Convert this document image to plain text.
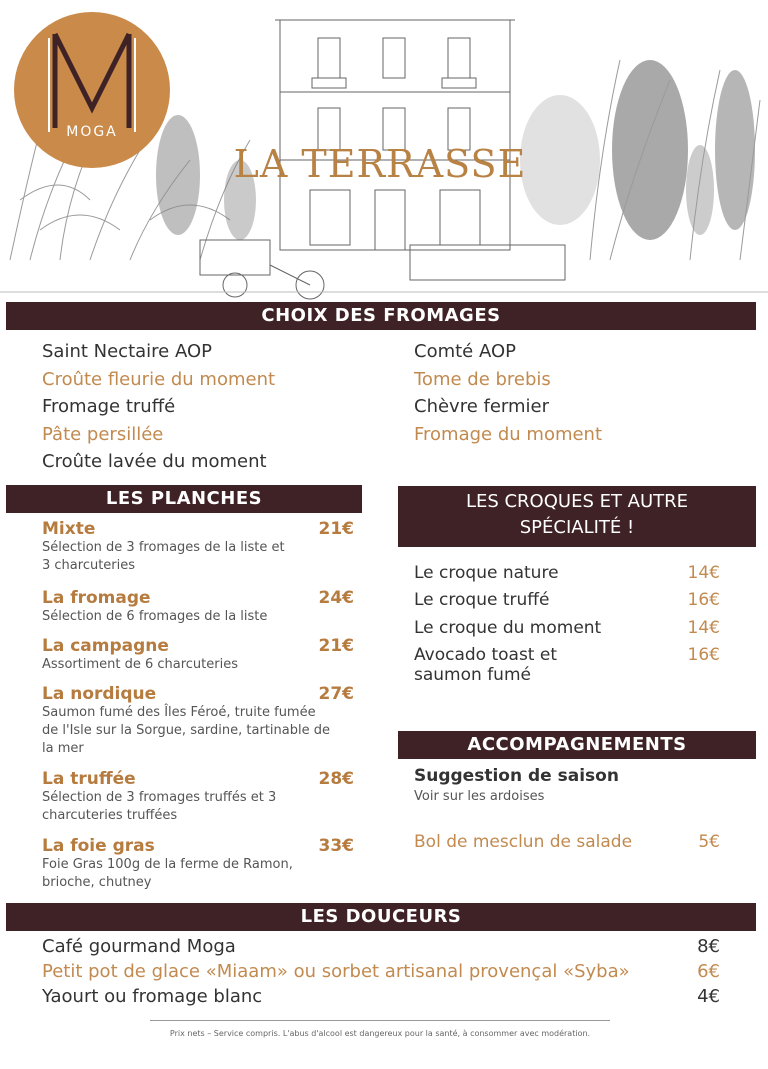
MOGA
LA TERRASSE
CHOIX DES FROMAGES
Saint Nectaire AOP
Croûte fleurie du moment
Fromage truffé
Pâte persillée
Croûte lavée du moment
Comté AOP
Tome de brebis
Chèvre fermier
Fromage du moment
LES PLANCHES
Mixte	21€
Sélection de 3 fromages de la liste et
3 charcuteries
La fromage	24€
Sélection de 6 fromages de la liste
La campagne	21€
Assortiment de 6 charcuteries
La nordique	27€
Saumon fumé des Îles Féroé, truite fumée
de l'Isle sur la Sorgue, sardine, tartinable de
la mer
La truffée	28€
Sélection de 3 fromages truffés et 3
charcuteries truffées
La foie gras	33€
Foie Gras 100g de la ferme de Ramon,
brioche, chutney
LES CROQUES ET AUTRE
SPÉCIALITÉ !
Le croque nature	14€
Le croque truffé	16€
Le croque du moment	14€
Avocado toast et	16€
saumon fumé
ACCOMPAGNEMENTS
Suggestion de saison
Voir sur les ardoises
Bol de mesclun de salade	5€
LES DOUCEURS
Café gourmand Moga	8€
Petit pot de glace «Miaam» ou sorbet artisanal provençal «Syba»	6€
Yaourt ou fromage blanc	4€
Prix nets – Service compris. L'abus d'alcool est dangereux pour la santé, à consommer avec modération.
